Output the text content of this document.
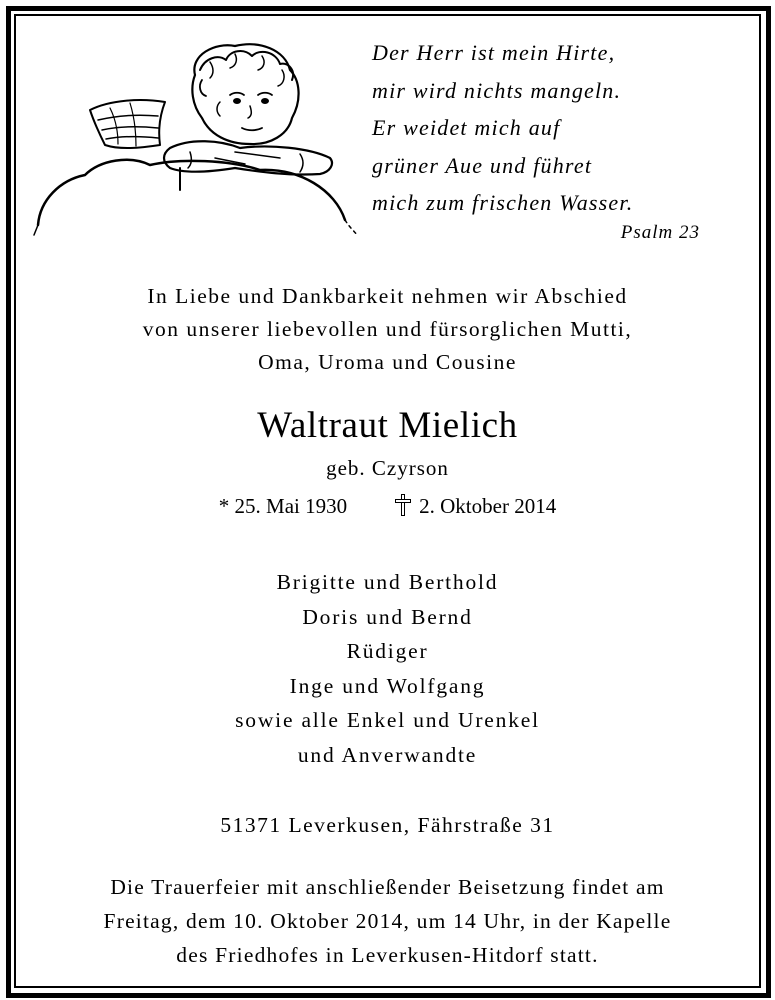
Der Herr ist mein Hirte,
mir wird nichts mangeln.
Er weidet mich auf
grüner Aue und führet
mich zum frischen Wasser.
Psalm 23
In Liebe und Dankbarkeit nehmen wir Abschied
von unserer liebevollen und fürsorglichen Mutti,
Oma, Uroma und Cousine
Waltraut Mielich
geb. Czyrson
* 25. Mai 1930	2. Oktober 2014
Brigitte und Berthold
Doris und Bernd
Rüdiger
Inge und Wolfgang
sowie alle Enkel und Urenkel
und Anverwandte
51371 Leverkusen, Fährstraße 31
Die Trauerfeier mit anschließender Beisetzung findet am
Freitag, dem 10. Oktober 2014, um 14 Uhr, in der Kapelle
des Friedhofes in Leverkusen-Hitdorf statt.
